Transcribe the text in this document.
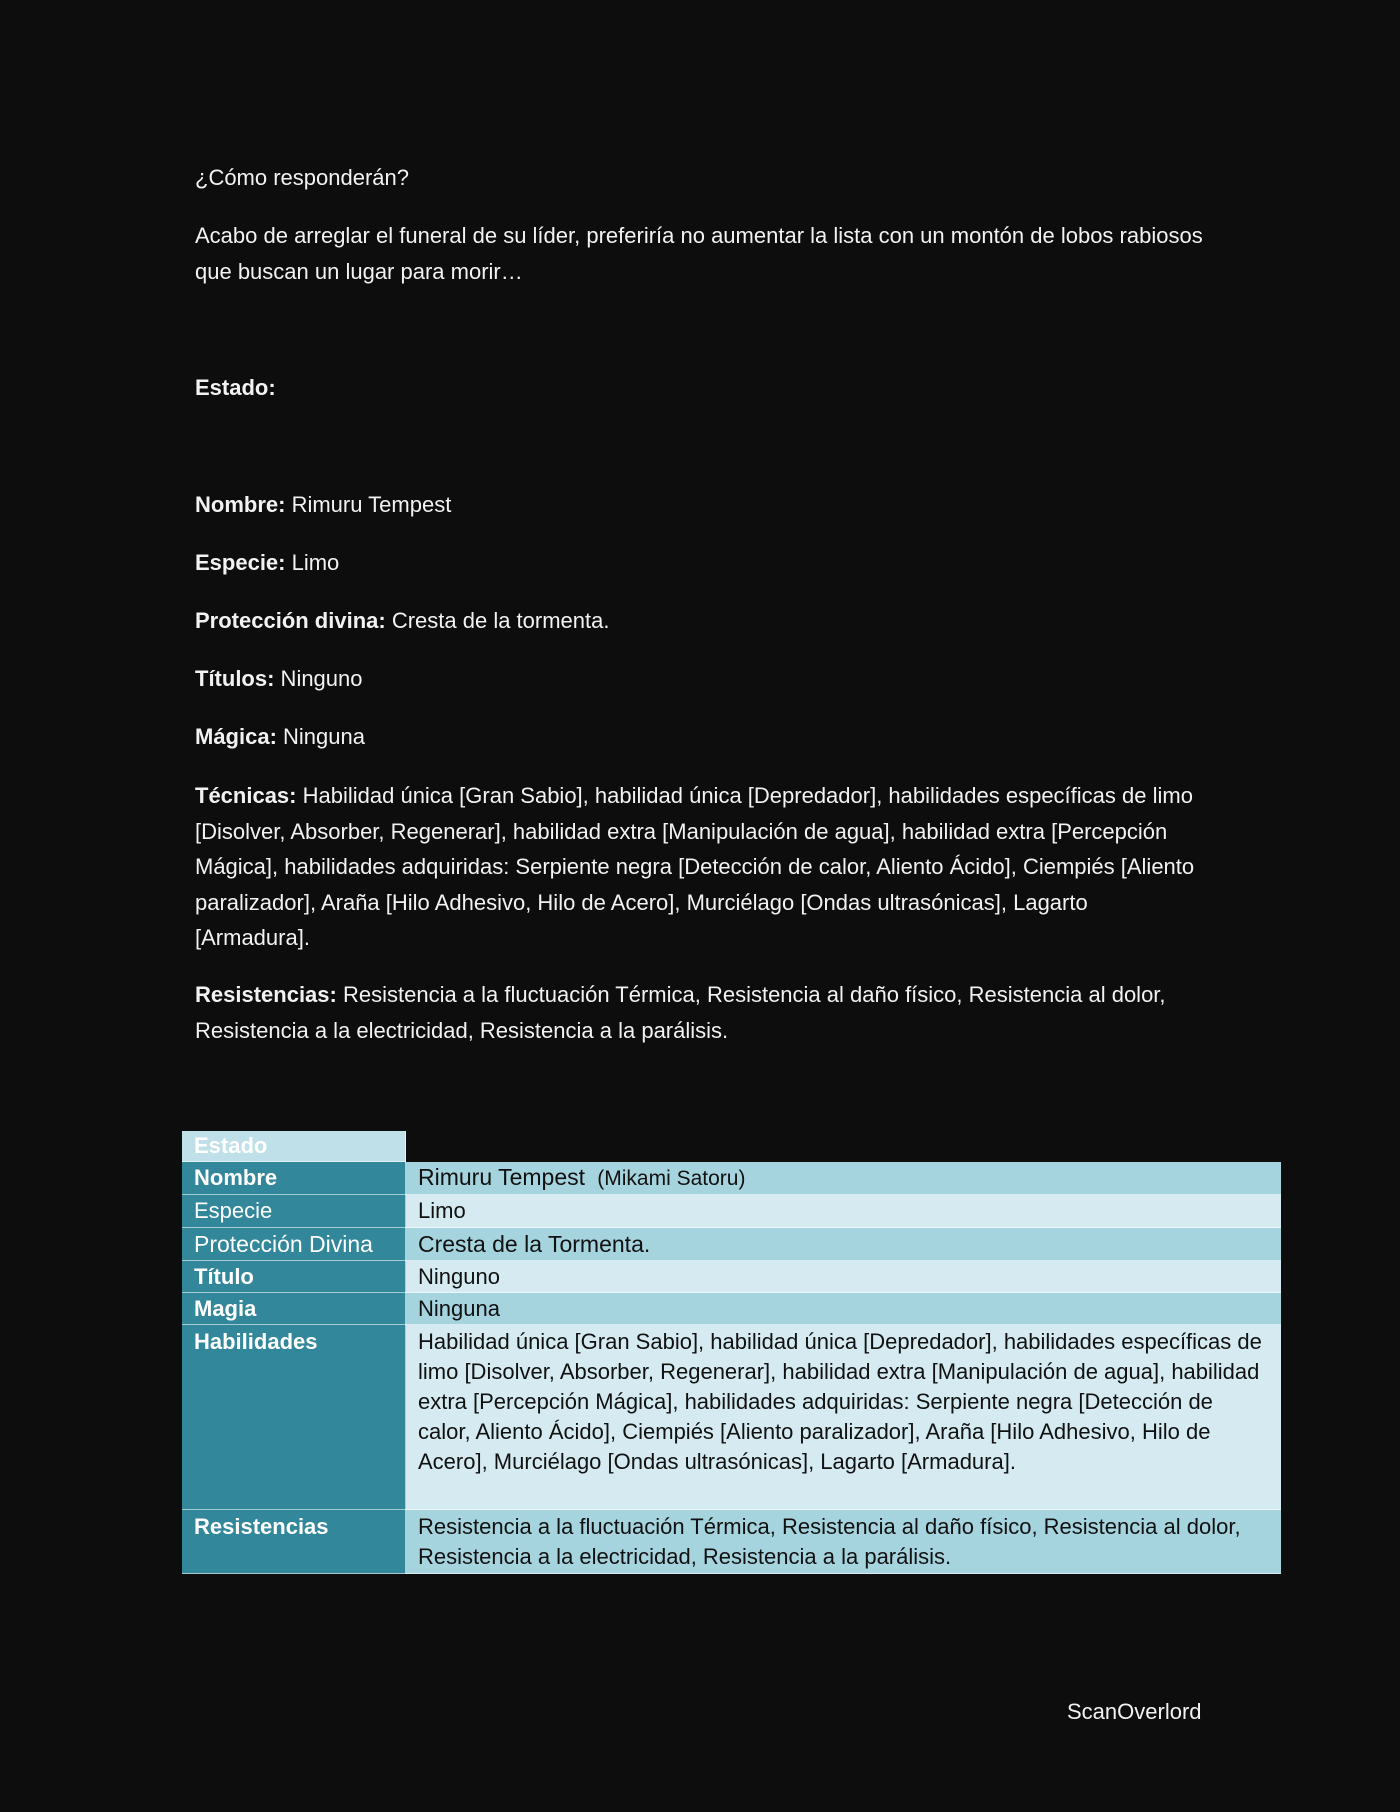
¿Cómo responderán?

Acabo de arreglar el funeral de su líder, preferiría no aumentar la lista con un montón de lobos rabiosos que buscan un lugar para morir…

Estado:

Nombre: Rimuru Tempest

Especie: Limo

Protección divina: Cresta de la tormenta.

Títulos: Ninguno

Mágica: Ninguna

Técnicas: Habilidad única [Gran Sabio], habilidad única [Depredador], habilidades específicas de limo [Disolver, Absorber, Regenerar], habilidad extra [Manipulación de agua], habilidad extra [Percepción Mágica], habilidades adquiridas: Serpiente negra [Detección de calor, Aliento Ácido], Ciempiés [Aliento paralizador], Araña [Hilo Adhesivo, Hilo de Acero], Murciélago [Ondas ultrasónicas], Lagarto [Armadura].

Resistencias: Resistencia a la fluctuación Térmica, Resistencia al daño físico, Resistencia al dolor, Resistencia a la electricidad, Resistencia a la parálisis.

Estado	
Nombre	Rimuru Tempest (Mikami Satoru)
Especie	Limo
Protección Divina	Cresta de la Tormenta.
Título	Ninguno
Magia	Ninguna
Habilidades	Habilidad única [Gran Sabio], habilidad única [Depredador], habilidades específicas de limo [Disolver, Absorber, Regenerar], habilidad extra [Manipulación de agua], habilidad extra [Percepción Mágica], habilidades adquiridas: Serpiente negra [Detección de calor, Aliento Ácido], Ciempiés [Aliento paralizador], Araña [Hilo Adhesivo, Hilo de Acero], Murciélago [Ondas ultrasónicas], Lagarto [Armadura].
Resistencias	Resistencia a la fluctuación Térmica, Resistencia al daño físico, Resistencia al dolor, Resistencia a la electricidad, Resistencia a la parálisis.
ScanOverlord
